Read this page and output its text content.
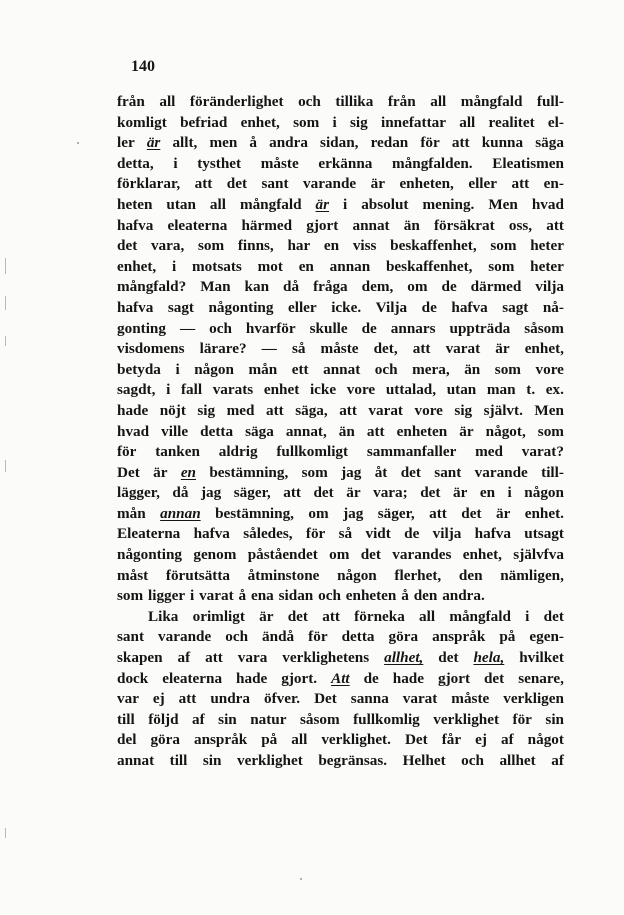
140
från all föränderlighet och tillika från all mångfald full-
komligt befriad enhet, som i sig innefattar all realitet el-
ler är allt, men å andra sidan, redan för att kunna säga
detta, i tysthet måste erkänna mångfalden. Eleatismen
förklarar, att det sant varande är enheten, eller att en-
heten utan all mångfald är i absolut mening. Men hvad
hafva eleaterna härmed gjort annat än försäkrat oss, att
det vara, som finns, har en viss beskaffenhet, som heter
enhet, i motsats mot en annan beskaffenhet, som heter
mångfald? Man kan då fråga dem, om de därmed vilja
hafva sagt någonting eller icke. Vilja de hafva sagt nå-
gonting — och hvarför skulle de annars uppträda såsom
visdomens lärare? — så måste det, att varat är enhet,
betyda i någon mån ett annat och mera, än som vore
sagdt, i fall varats enhet icke vore uttalad, utan man t. ex.
hade nöjt sig med att säga, att varat vore sig självt. Men
hvad ville detta säga annat, än att enheten är något, som
för tanken aldrig fullkomligt sammanfaller med varat?
Det är en bestämning, som jag åt det sant varande till-
lägger, då jag säger, att det är vara; det är en i någon
mån annan bestämning, om jag säger, att det är enhet.
Eleaterna hafva således, för så vidt de vilja hafva utsagt
någonting genom påståendet om det varandes enhet, självfva
måst förutsätta åtminstone någon flerhet, den nämligen,
som ligger i varat å ena sidan och enheten å den andra.
Lika orimligt är det att förneka all mångfald i det
sant varande och ändå för detta göra anspråk på egen-
skapen af att vara verklighetens allhet, det hela, hvilket
dock eleaterna hade gjort. Att de hade gjort det senare,
var ej att undra öfver. Det sanna varat måste verkligen
till följd af sin natur såsom fullkomlig verklighet för sin
del göra anspråk på all verklighet. Det får ej af något
annat till sin verklighet begränsas. Helhet och allhet af
